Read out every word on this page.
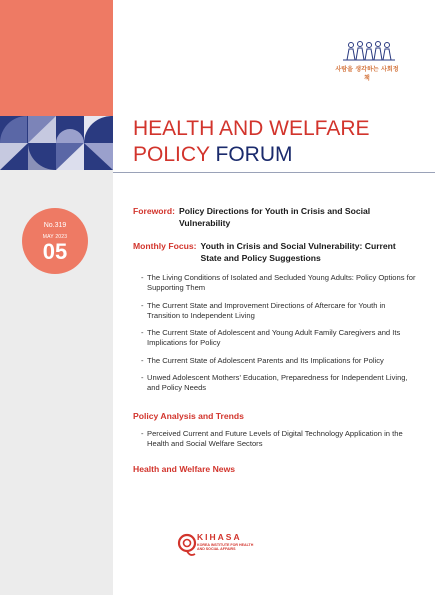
사람을 생각하는 사회정책
HEALTH AND WELFARE
POLICY FORUM
No.319
MAY 2023
05
Foreword: Policy Directions for Youth in Crisis and Social Vulnerability
Monthly Focus: Youth in Crisis and Social Vulnerability: Current State and Policy Suggestions
- The Living Conditions of Isolated and Secluded Young Adults: Policy Options for Supporting Them
- The Current State and Improvement Directions of Aftercare for Youth in Transition to Independent Living
- The Current State of Adolescent and Young Adult Family Caregivers and Its Implications for Policy
- The Current State of Adolescent Parents and Its Implications for Policy
- Unwed Adolescent Mothers' Education, Preparedness for Independent Living, and Policy Needs
Policy Analysis and Trends
- Perceived Current and Future Levels of Digital Technology Application in the Health and Social Welfare Sectors
Health and Welfare News
KIHASA
KOREA INSTITUTE FOR HEALTH AND SOCIAL AFFAIRS
